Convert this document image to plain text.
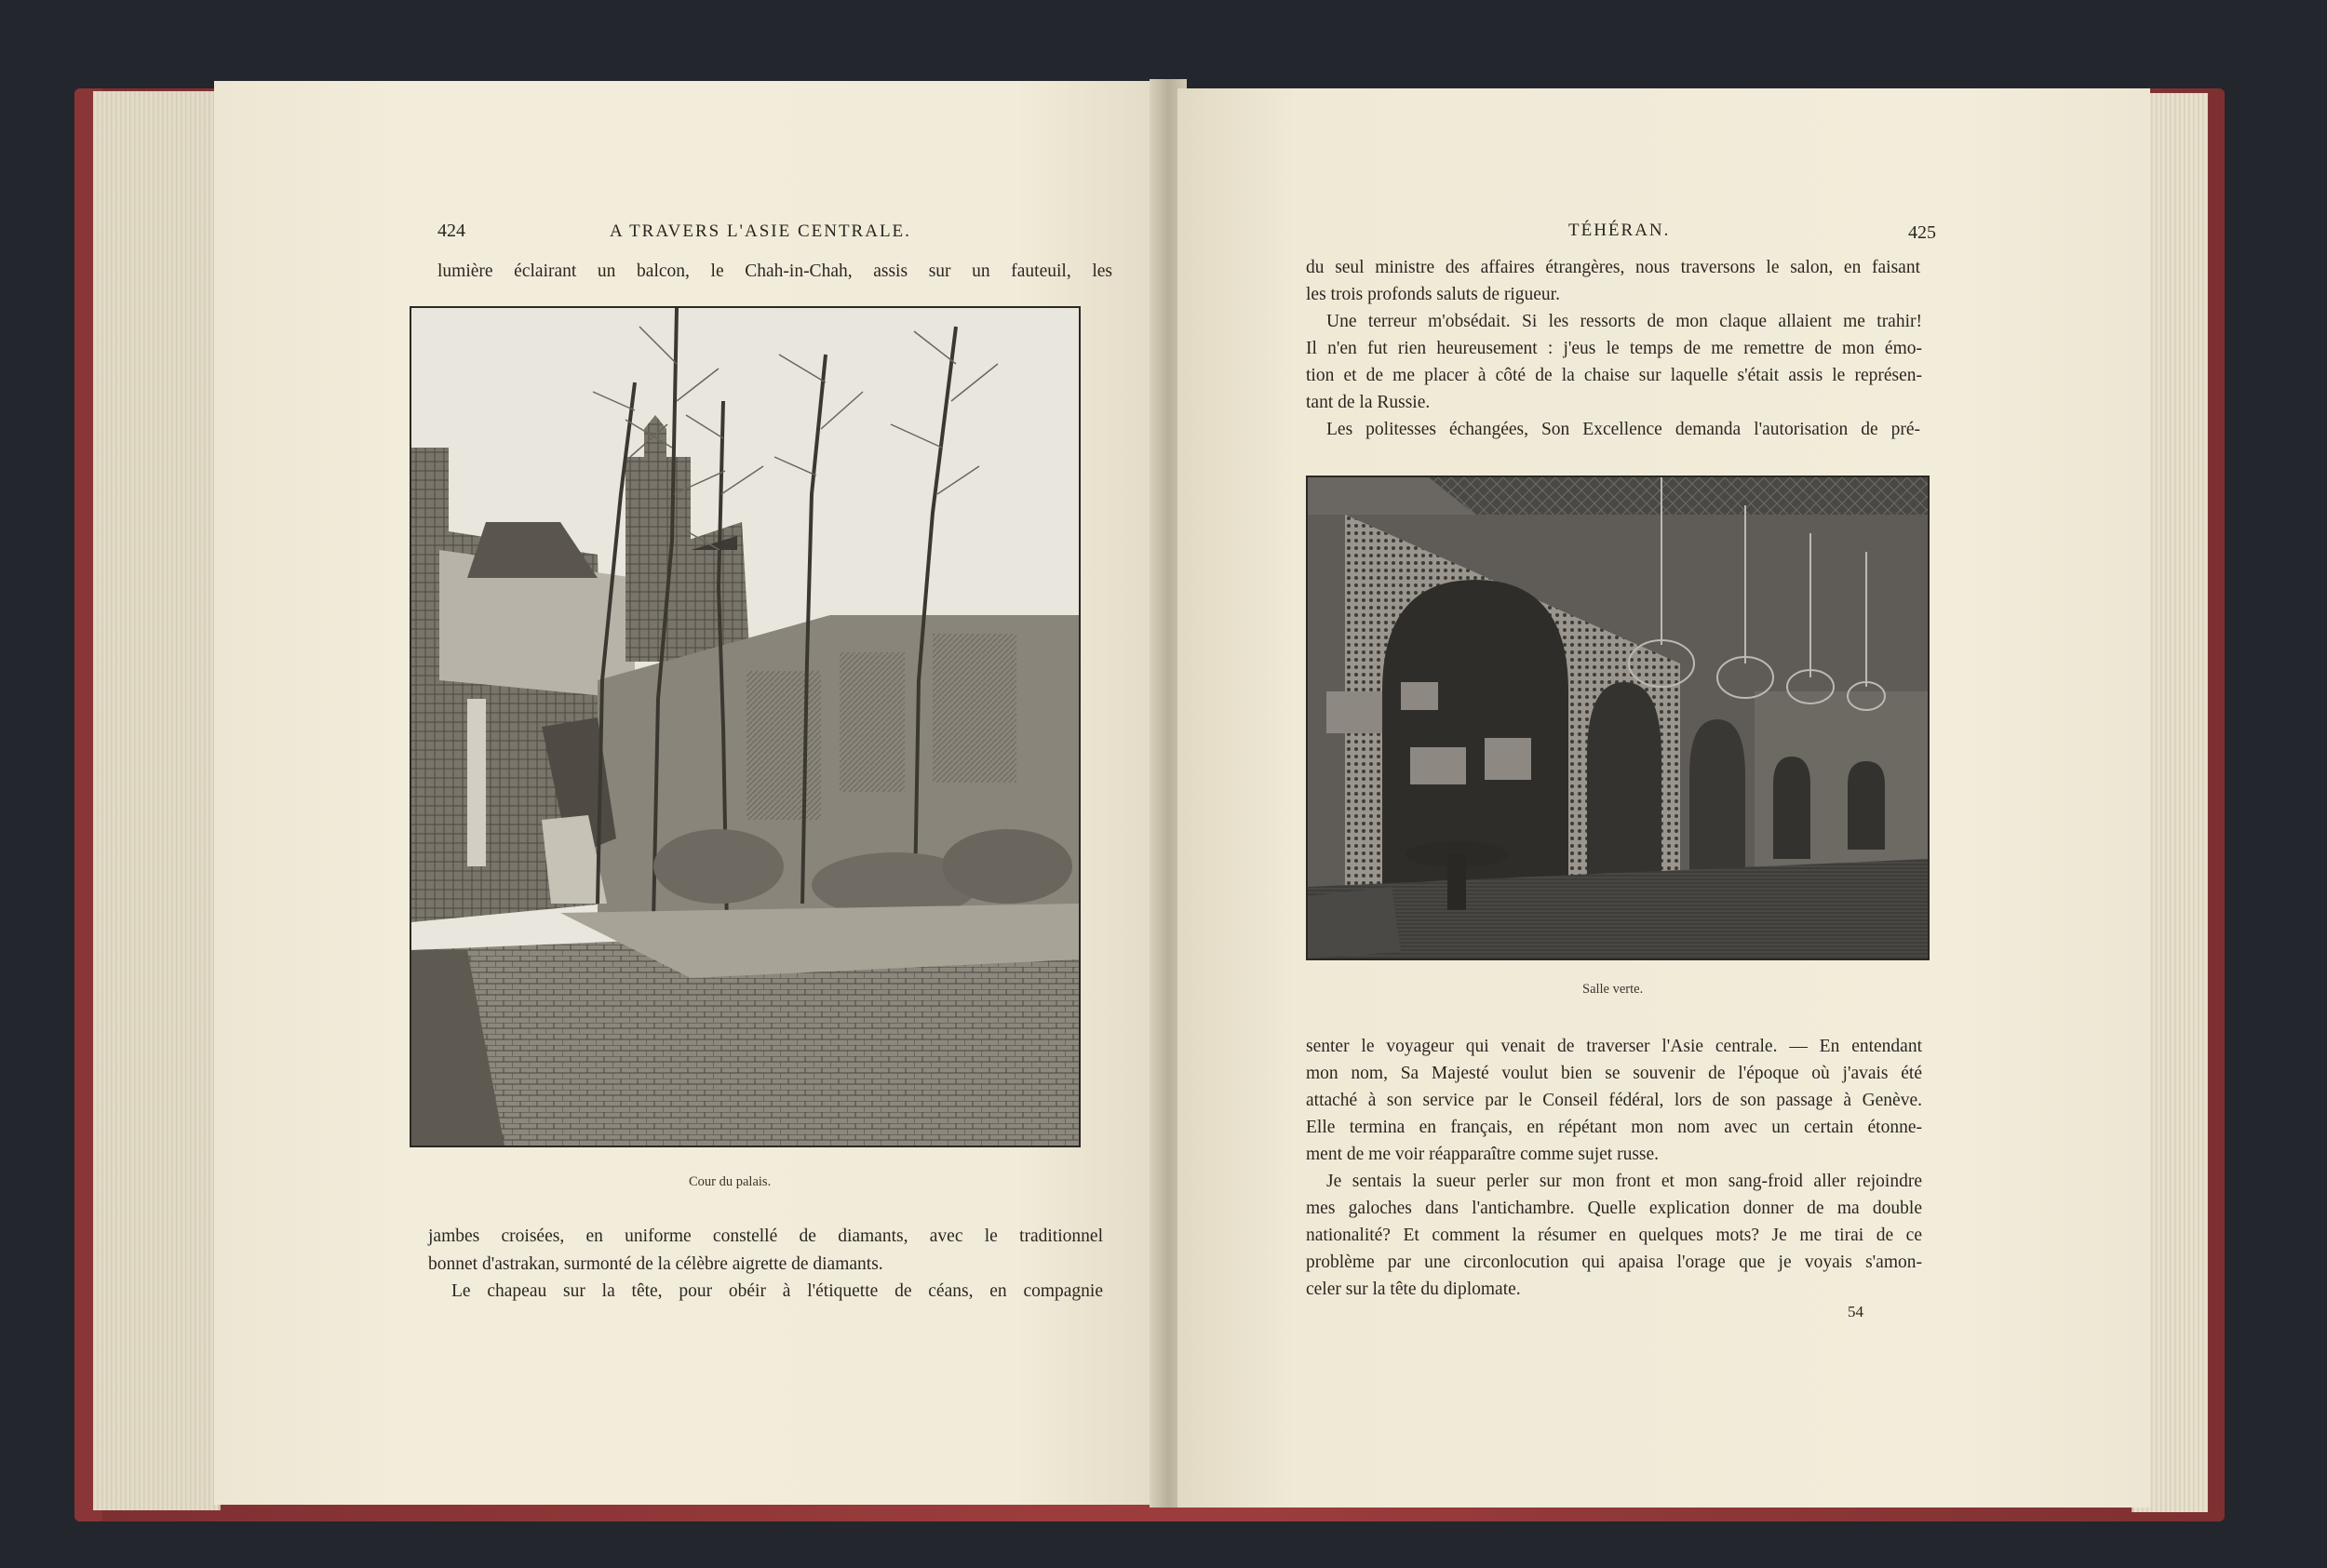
424	A TRAVERS L'ASIE CENTRALE.
lumière éclairant un balcon, le Chah-in-Chah, assis sur un fauteuil, les
Cour du palais.
jambes croisées, en uniforme constellé de diamants, avec le traditionnel
bonnet d'astrakan, surmonté de la célèbre aigrette de diamants.
Le chapeau sur la tête, pour obéir à l'étiquette de céans, en compagnie
TÉHÉRAN.	425
du seul ministre des affaires étrangères, nous traversons le salon, en faisant
les trois profonds saluts de rigueur.
Une terreur m'obsédait. Si les ressorts de mon claque allaient me trahir!
Il n'en fut rien heureusement : j'eus le temps de me remettre de mon émo-
tion et de me placer à côté de la chaise sur laquelle s'était assis le représen-
tant de la Russie.
Les politesses échangées, Son Excellence demanda l'autorisation de pré-
Salle verte.
senter le voyageur qui venait de traverser l'Asie centrale. — En entendant
mon nom, Sa Majesté voulut bien se souvenir de l'époque où j'avais été
attaché à son service par le Conseil fédéral, lors de son passage à Genève.
Elle termina en français, en répétant mon nom avec un certain étonne-
ment de me voir réapparaître comme sujet russe.
Je sentais la sueur perler sur mon front et mon sang-froid aller rejoindre
mes galoches dans l'antichambre. Quelle explication donner de ma double
nationalité? Et comment la résumer en quelques mots? Je me tirai de ce
problème par une circonlocution qui apaisa l'orage que je voyais s'amon-
celer sur la tête du diplomate.
54
